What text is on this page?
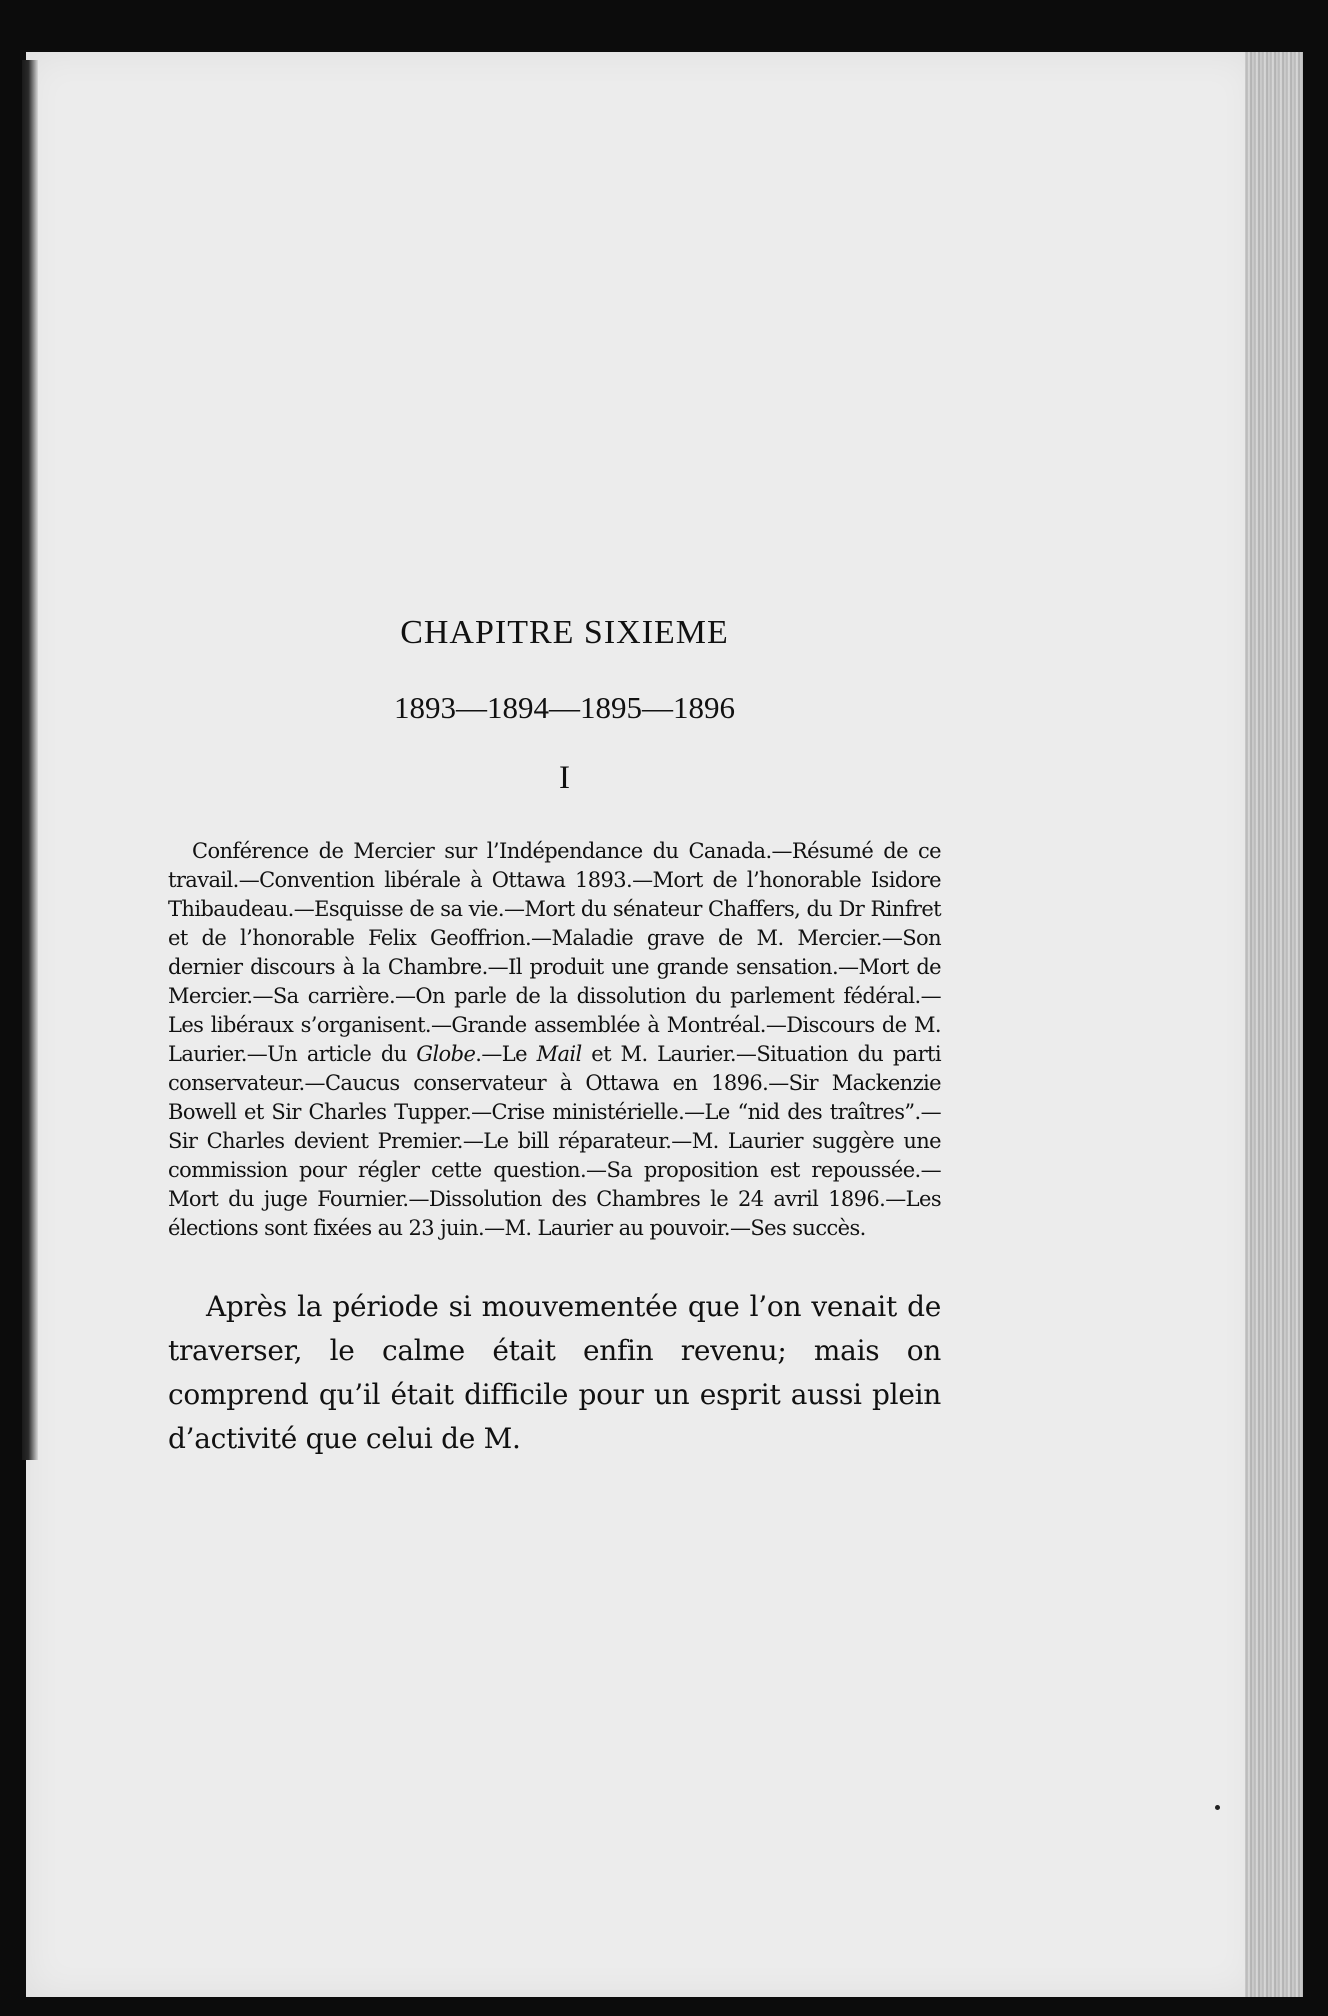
CHAPITRE SIXIEME
1893—1894—1895—1896
I

Conférence de Mercier sur l’Indépendance du Canada.—Résumé de ce travail.—Convention libérale à Ottawa 1893.—Mort de l’honorable Isidore Thibaudeau.—Esquisse de sa vie.—Mort du sénateur Chaffers, du Dr Rinfret et de l’honorable Felix Geoffrion.—Maladie grave de M. Mercier.—Son dernier discours à la Chambre.—Il produit une grande sensation.—Mort de Mercier.—Sa carrière.—On parle de la dissolution du parlement fédéral.—Les libéraux s’organisent.—Grande assemblée à Montréal.—Discours de M. Laurier.—Un article du Globe.—Le Mail et M. Laurier.—Situation du parti conservateur.—Caucus conservateur à Ottawa en 1896.—Sir Mackenzie Bowell et Sir Charles Tupper.—Crise ministérielle.—Le “nid des traîtres”.—Sir Charles devient Premier.—Le bill réparateur.—M. Laurier suggère une commission pour régler cette question.—Sa proposition est repoussée.—Mort du juge Fournier.—Dissolution des Chambres le 24 avril 1896.—Les élections sont fixées au 23 juin.—M. Laurier au pouvoir.—Ses succès.

Après la période si mouvementée que l’on venait de traverser, le calme était enfin revenu; mais on comprend qu’il était difficile pour un esprit aussi plein d’activité que celui de M.
